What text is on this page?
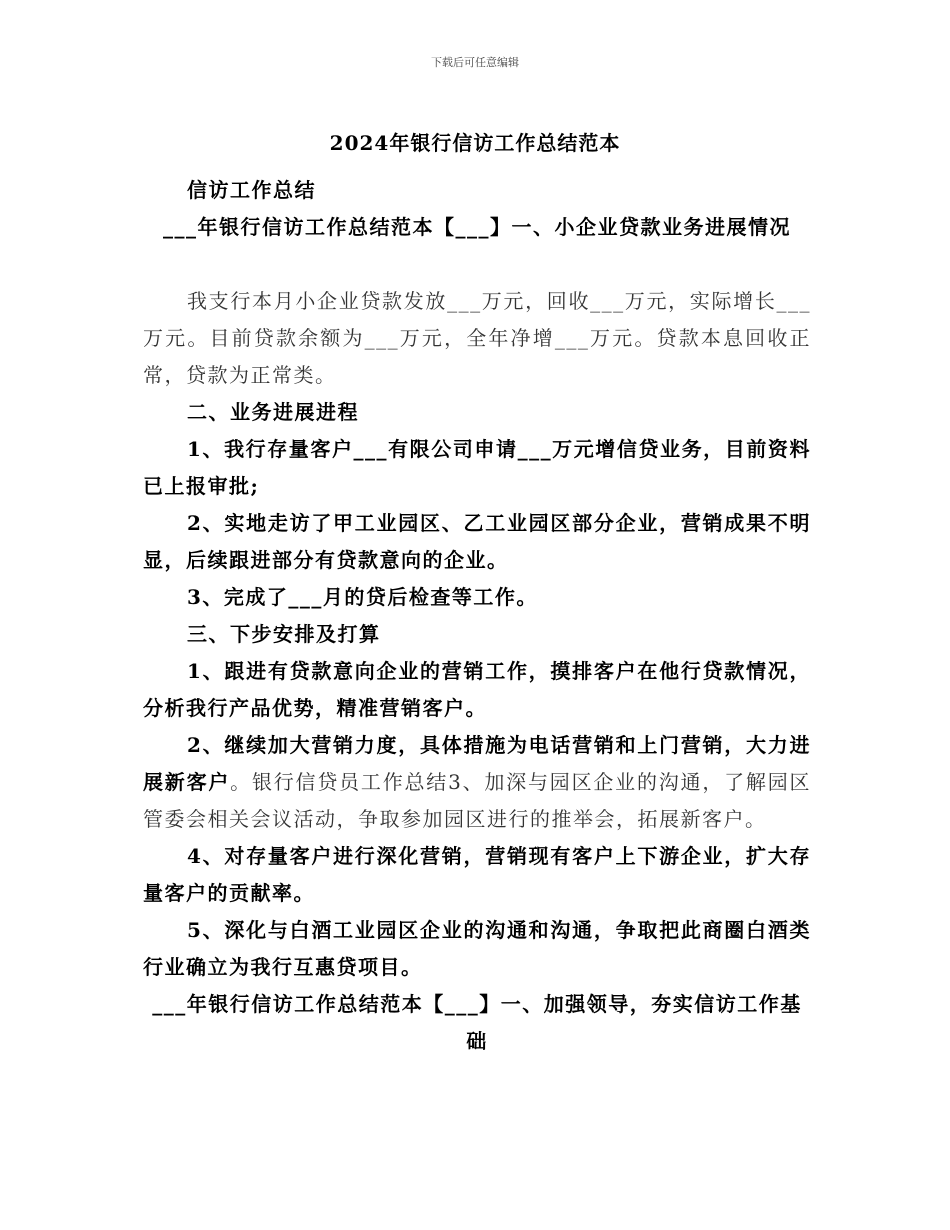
下载后可任意编辑
2024年银行信访工作总结范本
信访工作总结
___年银行信访工作总结范本【___】一、小企业贷款业务进展情况
我支行本月小企业贷款发放___万元，回收___万元，实际增长___万元。目前贷款余额为___万元，全年净增___万元。贷款本息回收正常，贷款为正常类。
二、业务进展进程
1、我行存量客户___有限公司申请___万元增信贷业务，目前资料已上报审批;
2、实地走访了甲工业园区、乙工业园区部分企业，营销成果不明显，后续跟进部分有贷款意向的企业。
3、完成了___月的贷后检查等工作。
三、下步安排及打算
1、跟进有贷款意向企业的营销工作，摸排客户在他行贷款情况，分析我行产品优势，精准营销客户。
2、继续加大营销力度，具体措施为电话营销和上门营销，大力进展新客户。银行信贷员工作总结3、加深与园区企业的沟通，了解园区管委会相关会议活动，争取参加园区进行的推举会，拓展新客户。
4、对存量客户进行深化营销，营销现有客户上下游企业，扩大存量客户的贡献率。
5、深化与白酒工业园区企业的沟通和沟通，争取把此商圈白酒类行业确立为我行互惠贷项目。
___年银行信访工作总结范本【___】一、加强领导，夯实信访工作基础
